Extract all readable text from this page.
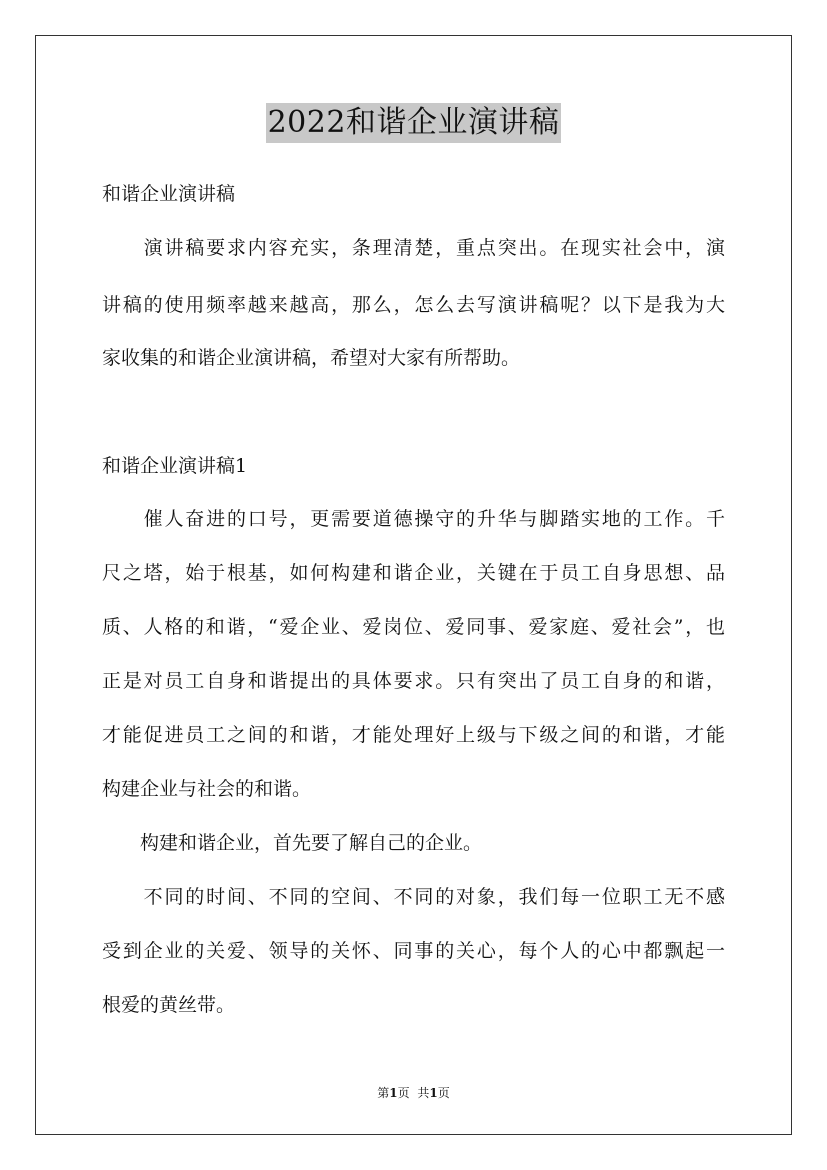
2022和谐企业演讲稿
和谐企业演讲稿
　　演讲稿要求内容充实，条理清楚，重点突出。在现实社会中，演
讲稿的使用频率越来越高，那么，怎么去写演讲稿呢？以下是我为大
家收集的和谐企业演讲稿，希望对大家有所帮助。
和谐企业演讲稿1
　　催人奋进的口号，更需要道德操守的升华与脚踏实地的工作。千
尺之塔，始于根基，如何构建和谐企业，关键在于员工自身思想、品
质、人格的和谐，“爱企业、爱岗位、爱同事、爱家庭、爱社会”，也
正是对员工自身和谐提出的具体要求。只有突出了员工自身的和谐，
才能促进员工之间的和谐，才能处理好上级与下级之间的和谐，才能
构建企业与社会的和谐。
　　构建和谐企业，首先要了解自己的企业。
　　不同的时间、不同的空间、不同的对象，我们每一位职工无不感
受到企业的关爱、领导的关怀、同事的关心，每个人的心中都飘起一
根爱的黄丝带。
第1页 共1页
